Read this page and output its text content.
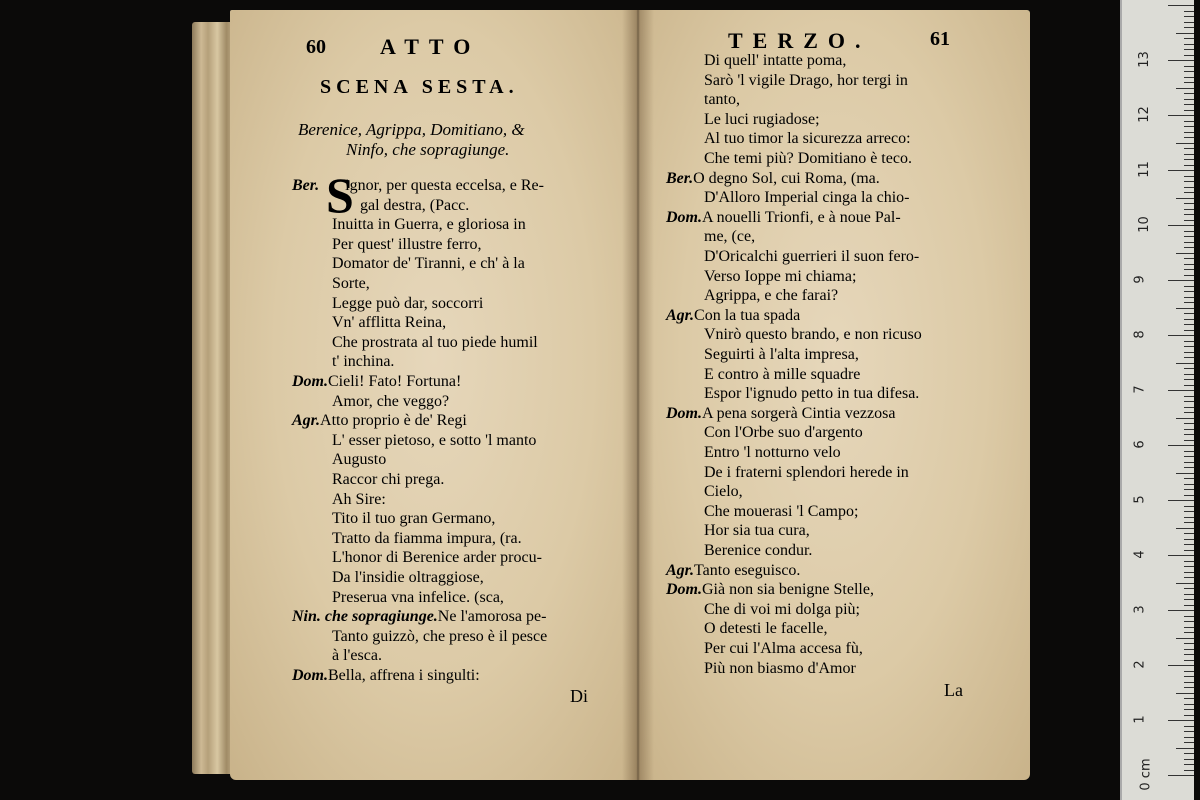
60 ATTO
SCENA SESTA.
Berenice, Agrippa, Domitiano, &
Ninfo, che sopragiunge.
S
Ber. ignor, per questa eccelsa, e Re-
gal destra, (Pacc.
Inuitta in Guerra, e gloriosa in
Per quest' illustre ferro,
Domator de' Tiranni, e ch' à la
Sorte,
Legge può dar, soccorri
Vn' afflitta Reina,
Che prostrata al tuo piede humil
t' inchina.
Dom.Cieli! Fato! Fortuna!
Amor, che veggo?
Agr.Atto proprio è de' Regi
L' esser pietoso, e sotto 'l manto
Augusto
Raccor chi prega.
Ah Sire:
Tito il tuo gran Germano,
Tratto da fiamma impura, (ra.
L'honor di Berenice arder procu-
Da l'insidie oltraggiose,
Preserua vna infelice. (sca,
Nin. che sopragiunge.Ne l'amorosa pe-
Tanto guizzò, che preso è il pesce
à l'esca.
Dom.Bella, affrena i singulti:
Di
TERZO.	61
Di quell' intatte poma,
Sarò 'l vigile Drago, hor tergi in
tanto,
Le luci rugiadose;
Al tuo timor la sicurezza arreco:
Che temi più? Domitiano è teco.
Ber.O degno Sol, cui Roma, (ma.
D'Alloro Imperial cinga la chio-
Dom.A nouelli Trionfi, e à noue Pal-
me, (ce,
D'Oricalchi guerrieri il suon fero-
Verso Ioppe mi chiama;
Agrippa, e che farai?
Agr.Con la tua spada
Vnirò questo brando, e non ricuso
Seguirti à l'alta impresa,
E contro à mille squadre
Espor l'ignudo petto in tua difesa.
Dom.A pena sorgerà Cintia vezzosa
Con l'Orbe suo d'argento
Entro 'l notturno velo
De i fraterni splendori herede in
Cielo,
Che mouerasi 'l Campo;
Hor sia tua cura,
Berenice condur.
Agr.Tanto eseguisco.
Dom.Già non sia benigne Stelle,
Che di voi mi dolga più;
O detesti le facelle,
Per cui l'Alma accesa fù,
Più non biasmo d'Amor
La
0 cm
1
2
3
4
5
6
7
8
9
10
11
12
13
